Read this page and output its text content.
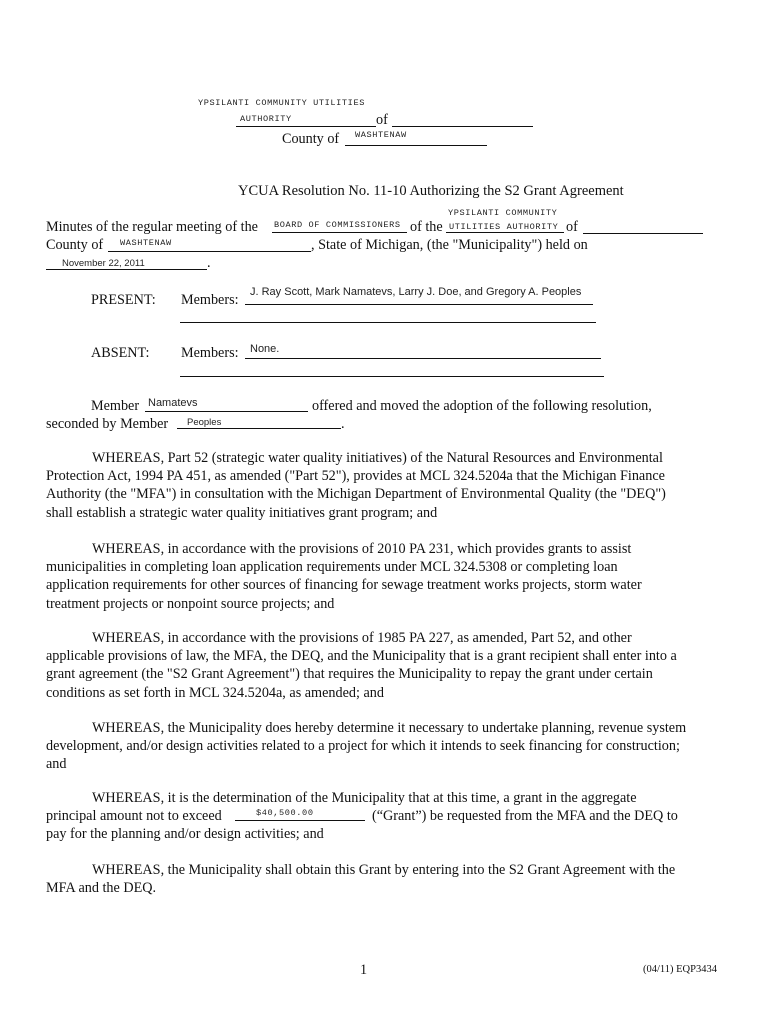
YPSILANTI COMMUNITY UTILITIES
AUTHORITY	of
County of WASHTENAW
YCUA Resolution No. 11-10 Authorizing the S2 Grant Agreement
YPSILANTI COMMUNITY
Minutes of the regular meeting of the BOARD OF COMMISSIONERS of the UTILITIES AUTHORITY of
County of WASHTENAW	, State of Michigan, (the "Municipality") held on
November 22, 2011	.
PRESENT: Members: J. Ray Scott, Mark Namatevs, Larry J. Doe, and Gregory A. Peoples
ABSENT: Members: None.
Member Namatevs	offered and moved the adoption of the following resolution,
seconded by Member Peoples	.
WHEREAS, Part 52 (strategic water quality initiatives) of the Natural Resources and Environmental
Protection Act, 1994 PA 451, as amended ("Part 52"), provides at MCL 324.5204a that the Michigan Finance
Authority (the "MFA") in consultation with the Michigan Department of Environmental Quality (the "DEQ")
shall establish a strategic water quality initiatives grant program; and
WHEREAS, in accordance with the provisions of 2010 PA 231, which provides grants to assist
municipalities in completing loan application requirements under MCL 324.5308 or completing loan
application requirements for other sources of financing for sewage treatment works projects, storm water
treatment projects or nonpoint source projects; and
WHEREAS, in accordance with the provisions of 1985 PA 227, as amended, Part 52, and other
applicable provisions of law, the MFA, the DEQ, and the Municipality that is a grant recipient shall enter into a
grant agreement (the "S2 Grant Agreement") that requires the Municipality to repay the grant under certain
conditions as set forth in MCL 324.5204a, as amended; and
WHEREAS, the Municipality does hereby determine it necessary to undertake planning, revenue system
development, and/or design activities related to a project for which it intends to seek financing for construction;
and
WHEREAS, it is the determination of the Municipality that at this time, a grant in the aggregate
principal amount not to exceed	$40,500.00	(“Grant”) be requested from the MFA and the DEQ to
pay for the planning and/or design activities; and
WHEREAS, the Municipality shall obtain this Grant by entering into the S2 Grant Agreement with the
MFA and the DEQ.
1	(04/11) EQP3434
